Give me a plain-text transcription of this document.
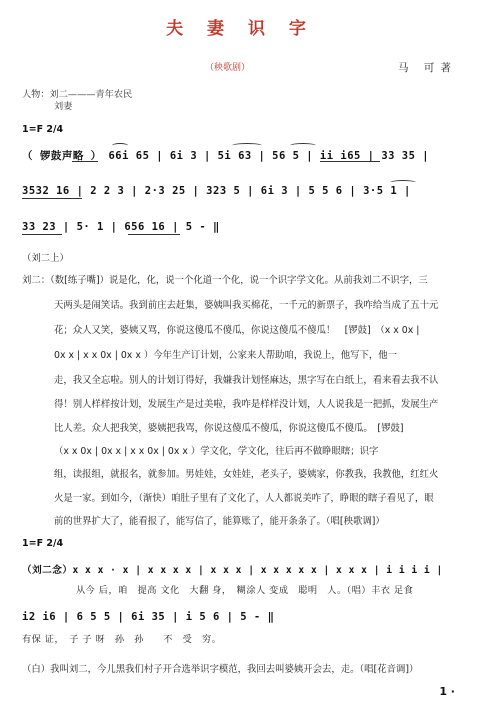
夫 妻 识 字
（秧歌剧）	马 可著
人物：刘二———青年农民
刘妻
1=F 2/4
（ 锣鼓声略 ） 66i 65 | 6i 3 | 5i 63 | 56 5 | ii i65 | 33 35 |
3532 16 | 2 2 3 | 2·3 25 | 323 5 | 6i 3 | 5 5 6 | 3·5 1 |
33 23 | 5· 1 | 656 16 | 5 - ‖
（刘二上）
刘二：（数[练子嘴]）说是化，化，说一个化道一个化，说一个识字学文化。从前我刘二不识字，三
天两头是闹笑话。我到前庄去赶集，婆姨叫我买棉花，一千元的新票子，我咋给当成了五十元
花；众人又笑，婆姨又骂，你说这傻瓜不傻瓜，你说这傻瓜不傻瓜！　[锣鼓]　（x x 0x |
0x x | x x 0x | 0x x ）今年生产订计划，公家来人帮助咱，我说上，他写下，他一
走，我又全忘啦。别人的计划订得好，我嫌我计划怪麻达，黑字写在白纸上，看来看去我不认
得！别人样样按计划，发展生产是过美啦，我咋是样样没计划，人人说我是一把抓，发展生产
比人差。众人把我笑，婆姨把我骂，你说这傻瓜不傻瓜，你说这傻瓜不傻瓜。　[锣鼓]
（x x 0x | 0x x | x x 0x | 0x x ）学文化，学文化，往后再不做睁眼瞎；识字
组，读报组，就报名，就参加。男娃娃，女娃娃，老头子，婆姨家，你教我，我教他，红红火
火是一家。到如今，（渐快）咱肚子里有了文化了，人人都说美咋了，睁眼的瞎子看见了，眼
前的世界扩大了，能看报了，能写信了，能算账了，能开条条了。（唱[秧歌调]）
1=F 2/4
（刘二念）x x x · x | x x x x | x x x | x x x x x | x x x | i i i i |
从今 后，咱　提高 文化　大翻 身，　糊涂人 变成　聪明　人。（唱）丰衣 足食
i2 i6 | 6 5 5 | 6i 35 | i 5 6 | 5 - ‖
有保 证，　子 子 呀　孙　孙　　不　受　穷。
（白）我叫刘二，今儿黑我们村子开合选举识字模范，我回去叫婆姨开会去，走。（唱[花音调]）
1 ·
